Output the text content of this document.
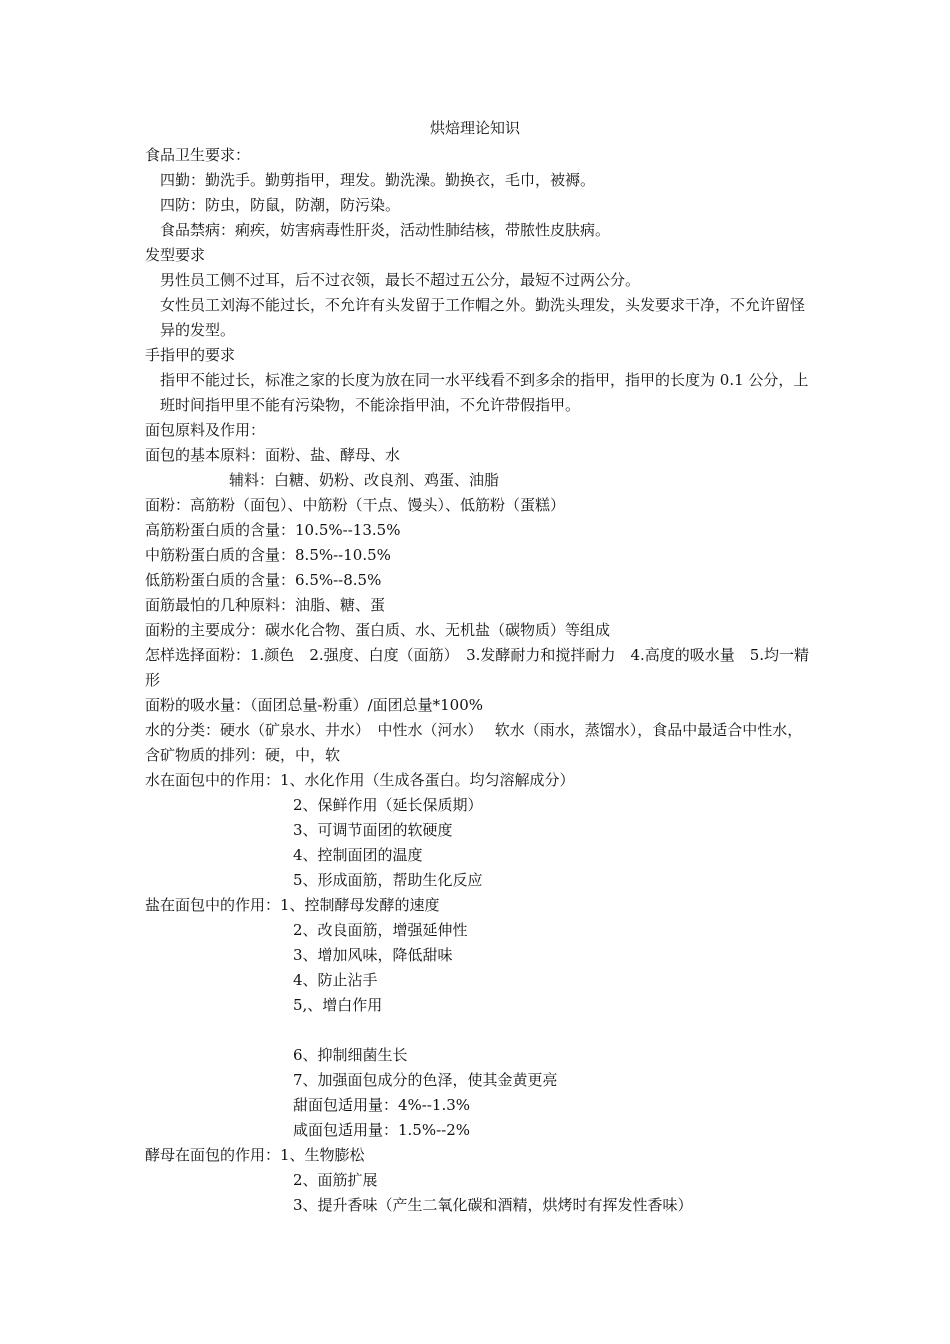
烘焙理论知识
食品卫生要求：
四勤：勤洗手。勤剪指甲，理发。勤洗澡。勤换衣，毛巾，被褥。
四防：防虫，防鼠，防潮，防污染。
食品禁病：痢疾，妨害病毒性肝炎，活动性肺结核，带脓性皮肤病。
发型要求
男性员工侧不过耳，后不过衣领，最长不超过五公分，最短不过两公分。
女性员工刘海不能过长，不允许有头发留于工作帽之外。勤洗头理发，头发要求干净，不允许留怪异的发型。
手指甲的要求
指甲不能过长，标准之家的长度为放在同一水平线看不到多余的指甲，指甲的长度为 0.1 公分，上班时间指甲里不能有污染物，不能涂指甲油，不允许带假指甲。
面包原料及作用：
面包的基本原料：面粉、盐、酵母、水
辅料：白糖、奶粉、改良剂、鸡蛋、油脂
面粉：高筋粉（面包）、中筋粉（干点、馒头）、低筋粉（蛋糕）
高筋粉蛋白质的含量：10.5%--13.5%
中筋粉蛋白质的含量：8.5%--10.5%
低筋粉蛋白质的含量：6.5%--8.5%
面筋最怕的几种原料：油脂、糖、蛋
面粉的主要成分：碳水化合物、蛋白质、水、无机盐（碳物质）等组成
怎样选择面粉：1.颜色　2.强度、白度（面筋）　3.发酵耐力和搅拌耐力　4.高度的吸水量　5.均一精形
面粉的吸水量：（面团总量-粉重）/面团总量*100%
水的分类：硬水（矿泉水、井水）　中性水（河水）　 软水（雨水，蒸馏水），食品中最适合中性水，含矿物质的排列：硬，中，软
水在面包中的作用：1、水化作用（生成各蛋白。均匀溶解成分）
2、保鲜作用（延长保质期）
3、可调节面团的软硬度
4、控制面团的温度
5、形成面筋，帮助生化反应
盐在面包中的作用：1、控制酵母发酵的速度
2、改良面筋，增强延伸性
3、增加风味，降低甜味
4、防止沾手
5,、增白作用
6、抑制细菌生长
7、加强面包成分的色泽，使其金黄更亮
甜面包适用量：4%--1.3%
咸面包适用量：1.5%--2%
酵母在面包的作用：1、生物膨松
2、面筋扩展
3、提升香味（产生二氧化碳和酒精，烘烤时有挥发性香味）
